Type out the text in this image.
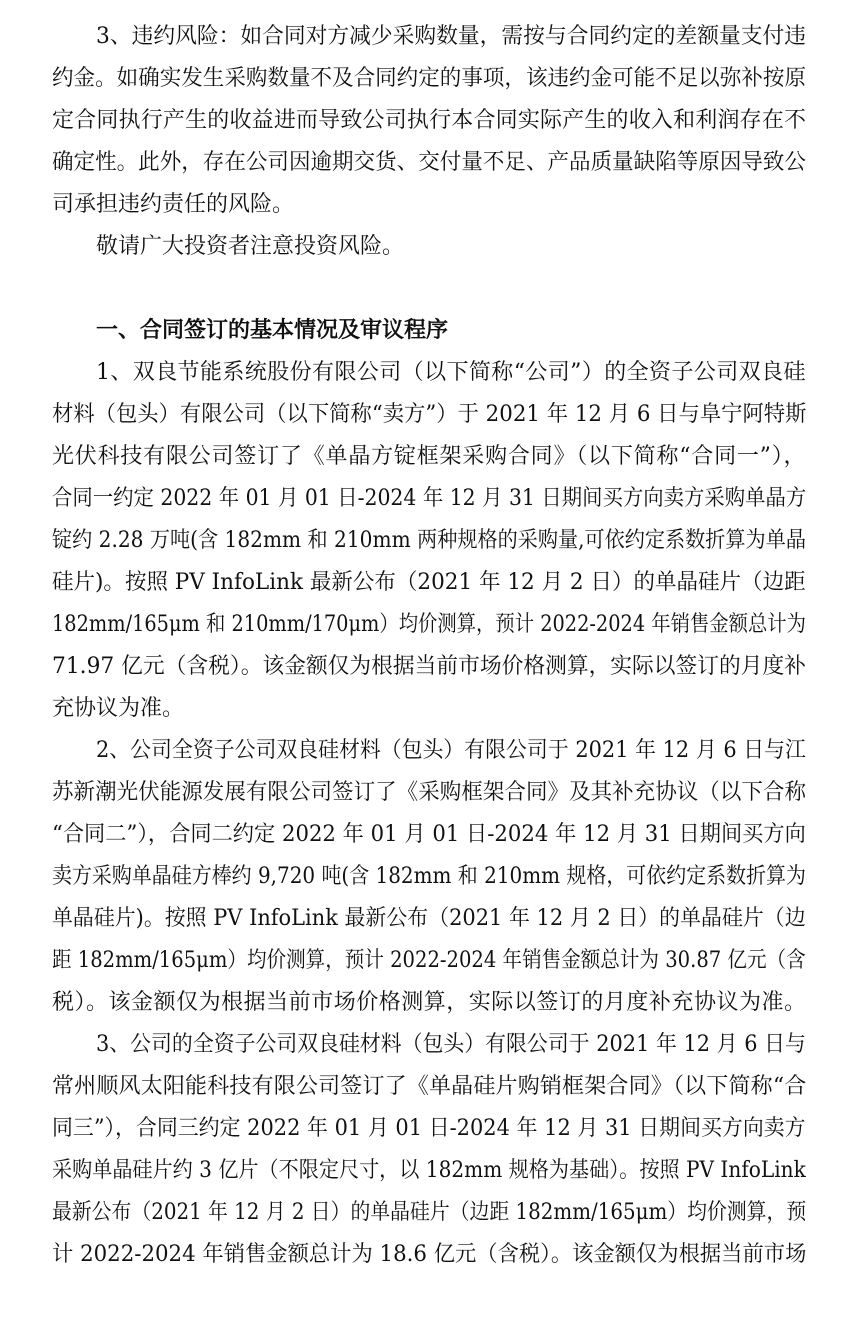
3、违约风险：如合同对方减少采购数量，需按与合同约定的差额量支付违
约金。如确实发生采购数量不及合同约定的事项，该违约金可能不足以弥补按原
定合同执行产生的收益进而导致公司执行本合同实际产生的收入和利润存在不
确定性。此外，存在公司因逾期交货、交付量不足、产品质量缺陷等原因导致公
司承担违约责任的风险。
敬请广大投资者注意投资风险。
一、合同签订的基本情况及审议程序
1、双良节能系统股份有限公司（以下简称“公司”）的全资子公司双良硅
材料（包头）有限公司（以下简称“卖方”）于 2021 年 12 月 6 日与阜宁阿特斯
光伏科技有限公司签订了《单晶方锭框架采购合同》（以下简称“合同一”），
合同一约定 2022 年 01 月 01 日-2024 年 12 月 31 日期间买方向卖方采购单晶方
锭约 2.28 万吨(含 182mm 和 210mm 两种规格的采购量,可依约定系数折算为单晶
硅片)。按照 PV InfoLink 最新公布（2021 年 12 月 2 日）的单晶硅片（边距
182mm/165μm 和 210mm/170μm）均价测算，预计 2022-2024 年销售金额总计为
71.97 亿元（含税）。该金额仅为根据当前市场价格测算，实际以签订的月度补
充协议为准。
2、公司全资子公司双良硅材料（包头）有限公司于 2021 年 12 月 6 日与江
苏新潮光伏能源发展有限公司签订了《采购框架合同》及其补充协议（以下合称
“合同二”），合同二约定 2022 年 01 月 01 日-2024 年 12 月 31 日期间买方向
卖方采购单晶硅方棒约 9,720 吨(含 182mm 和 210mm 规格，可依约定系数折算为
单晶硅片)。按照 PV InfoLink 最新公布（2021 年 12 月 2 日）的单晶硅片（边
距 182mm/165μm）均价测算，预计 2022-2024 年销售金额总计为 30.87 亿元（含
税）。该金额仅为根据当前市场价格测算，实际以签订的月度补充协议为准。
3、公司的全资子公司双良硅材料（包头）有限公司于 2021 年 12 月 6 日与
常州顺风太阳能科技有限公司签订了《单晶硅片购销框架合同》（以下简称“合
同三”），合同三约定 2022 年 01 月 01 日-2024 年 12 月 31 日期间买方向卖方
采购单晶硅片约 3 亿片（不限定尺寸，以 182mm 规格为基础）。按照 PV InfoLink
最新公布（2021 年 12 月 2 日）的单晶硅片（边距 182mm/165μm）均价测算，预
计 2022-2024 年销售金额总计为 18.6 亿元（含税）。该金额仅为根据当前市场
